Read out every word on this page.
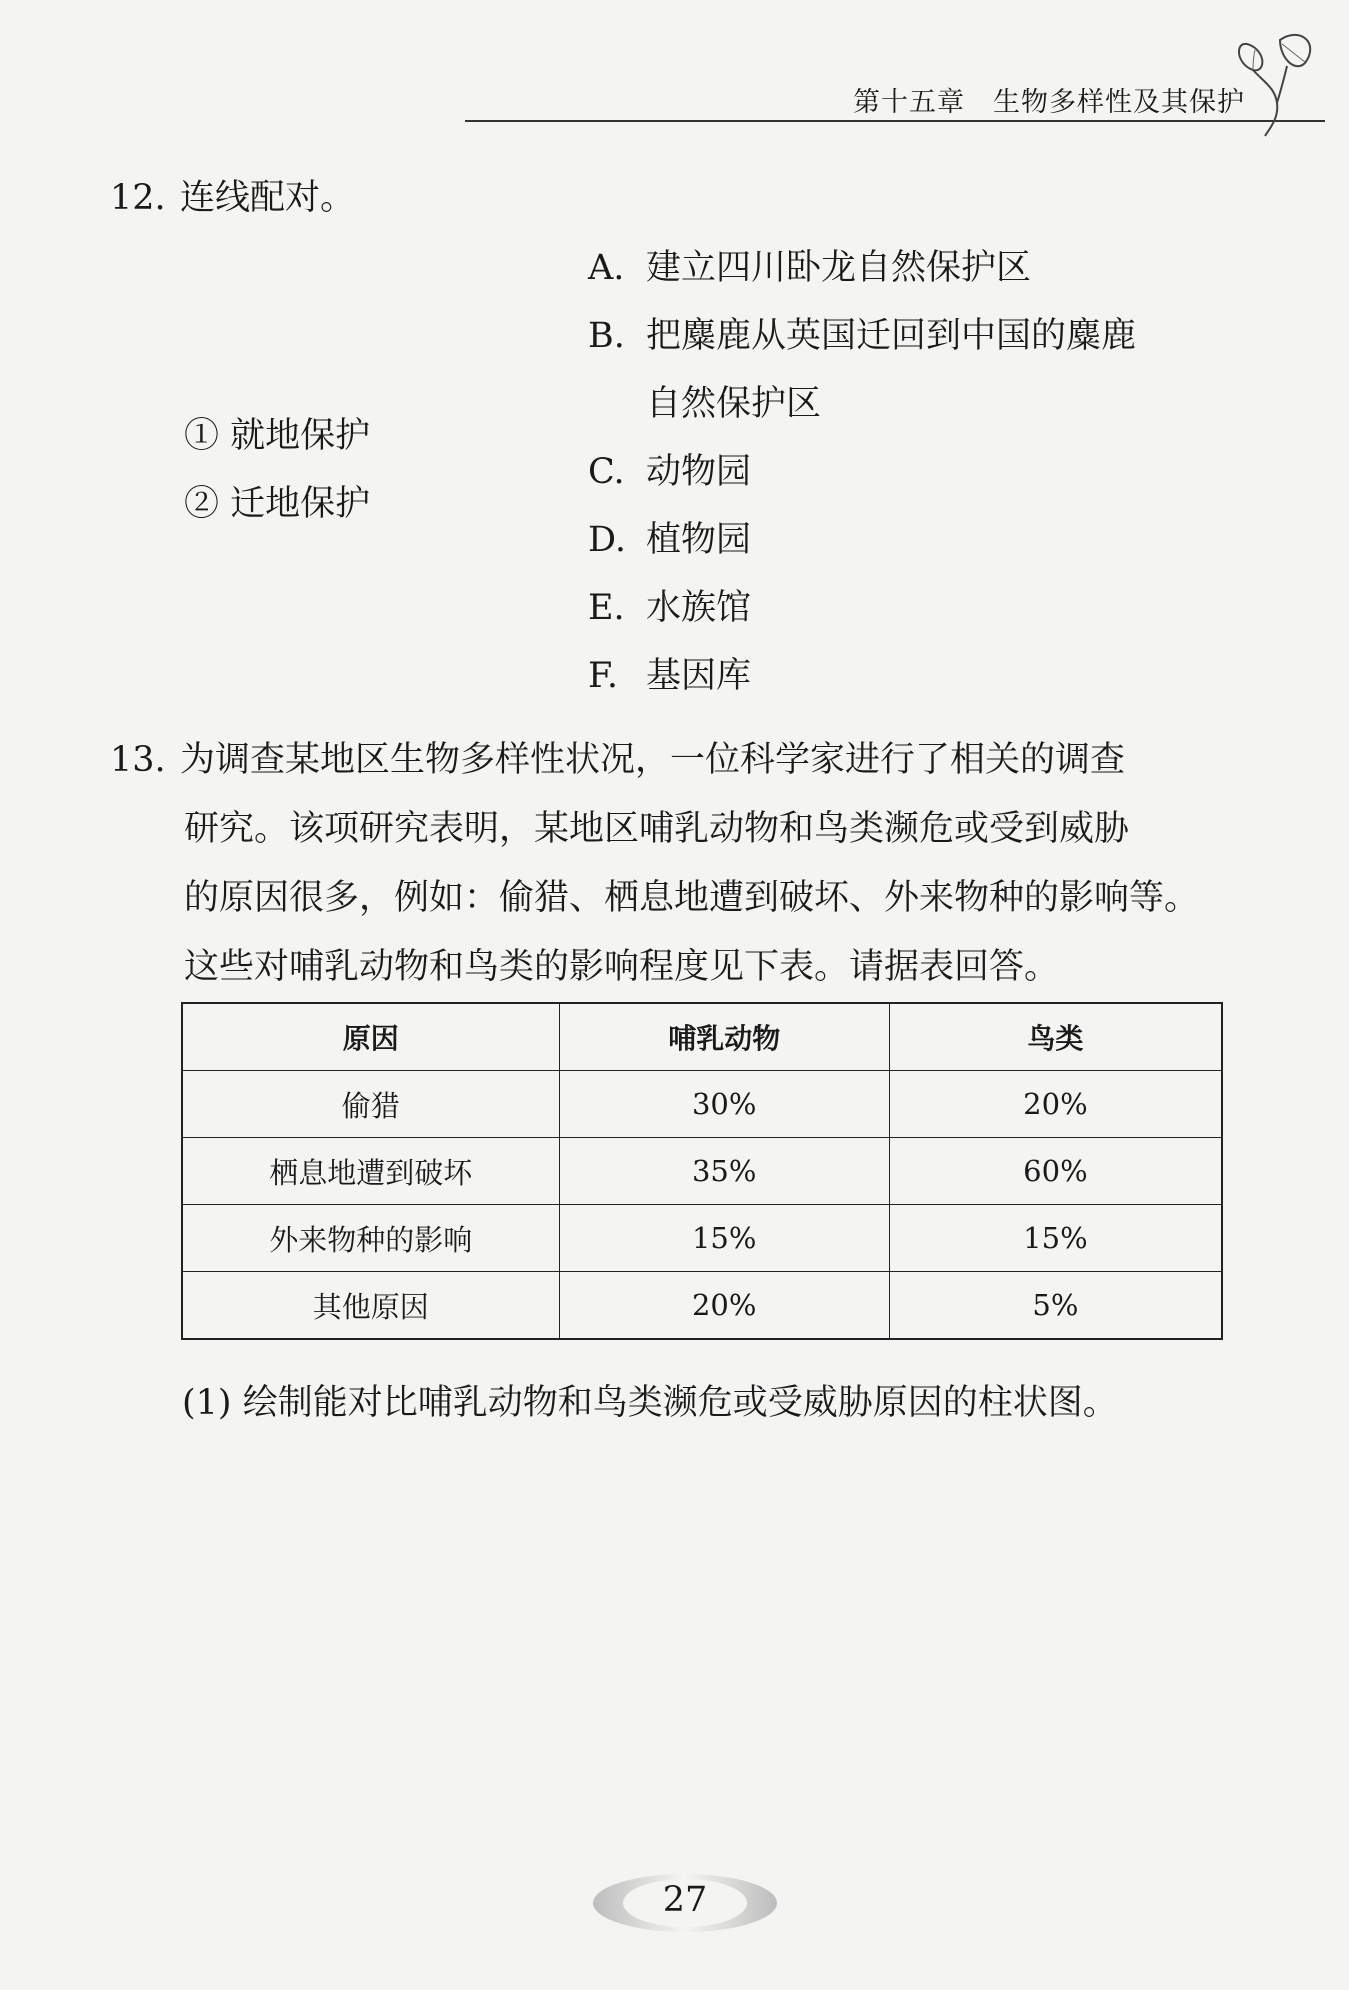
第十五章 生物多样性及其保护
12. 连线配对。
① 就地保护
② 迁地保护
A. 建立四川卧龙自然保护区
B. 把麋鹿从英国迁回到中国的麋鹿
自然保护区
C. 动物园
D. 植物园
E. 水族馆
F. 基因库
13. 为调查某地区生物多样性状况，一位科学家进行了相关的调查
研究。该项研究表明，某地区哺乳动物和鸟类濒危或受到威胁
的原因很多，例如：偷猎、栖息地遭到破坏、外来物种的影响等。
这些对哺乳动物和鸟类的影响程度见下表。请据表回答。
原因	哺乳动物	鸟类
偷猎	30%	20%
栖息地遭到破坏	35%	60%
外来物种的影响	15%	15%
其他原因	20%	5%
(1) 绘制能对比哺乳动物和鸟类濒危或受威胁原因的柱状图。
27
